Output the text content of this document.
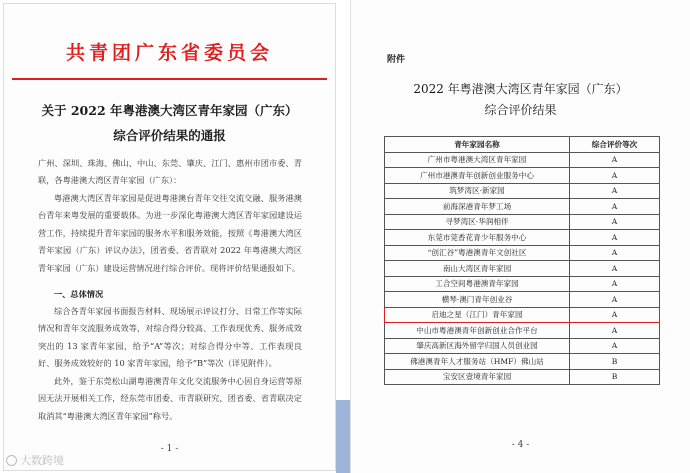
共青团广东省委员会
关于 2022 年粤港澳大湾区青年家园（广东）
综合评价结果的通报
广州、深圳、珠海、佛山、中山、东莞、肇庆、江门、惠州市团市委、青联，各粤港澳大湾区青年家园（广东）：
粤港澳大湾区青年家园是促进粤港澳台青年交往交流交融、服务港澳台青年来粤发展的重要载体。为进一步深化粤港澳大湾区青年家园建设运营工作，持续提升青年家园的服务水平和服务效能，按照《粤港澳大湾区青年家园（广东）评议办法》，团省委、省青联对 2022 年粤港澳大湾区青年家园（广东）建设运营情况进行综合评价。现将评价结果通报如下。
一、总体情况
综合各青年家园书面报告材料、现场展示评议打分、日常工作等实际情况和青年交流服务成效等，对综合得分较高、工作表现优秀、服务成效突出的 13 家青年家园，给予“A”等次；对综合得分中等、工作表现良好、服务成效较好的 10 家青年家园，给予“B”等次（详见附件）。
此外，鉴于东莞松山湖粤港澳青年文化交流服务中心因自身运营等原因无法开展相关工作，经东莞市团委、市青联研究，团省委、省青联决定取消其“粤港澳大湾区青年家园”称号。
- 1 -
附件
2022 年粤港澳大湾区青年家园（广东）
综合评价结果
青年家园名称	综合评价等次
广州市粤港澳大湾区青年家园	A
广州市港澳青年创新创业服务中心	A
筑梦湾区·新家园	A
前海深港青年梦工场	A
寻梦湾区·华润相伴	A
东莞市莞香花青少年服务中心	A
“创汇谷”粤港澳青年文创社区	A
南山大湾区青年家园	A
工合空间粤港澳青年家园	A
横琴·澳门青年创业谷	A
启迪之星（江门）青年家园	A
中山市粤港澳青年创新创业合作平台	A
肇庆高新区海外留学归国人员创业园	A
佛港澳青年人才服务站（HMF）佛山站	B
宝安区壹境青年家园	B
- 4 -
大数跨境
